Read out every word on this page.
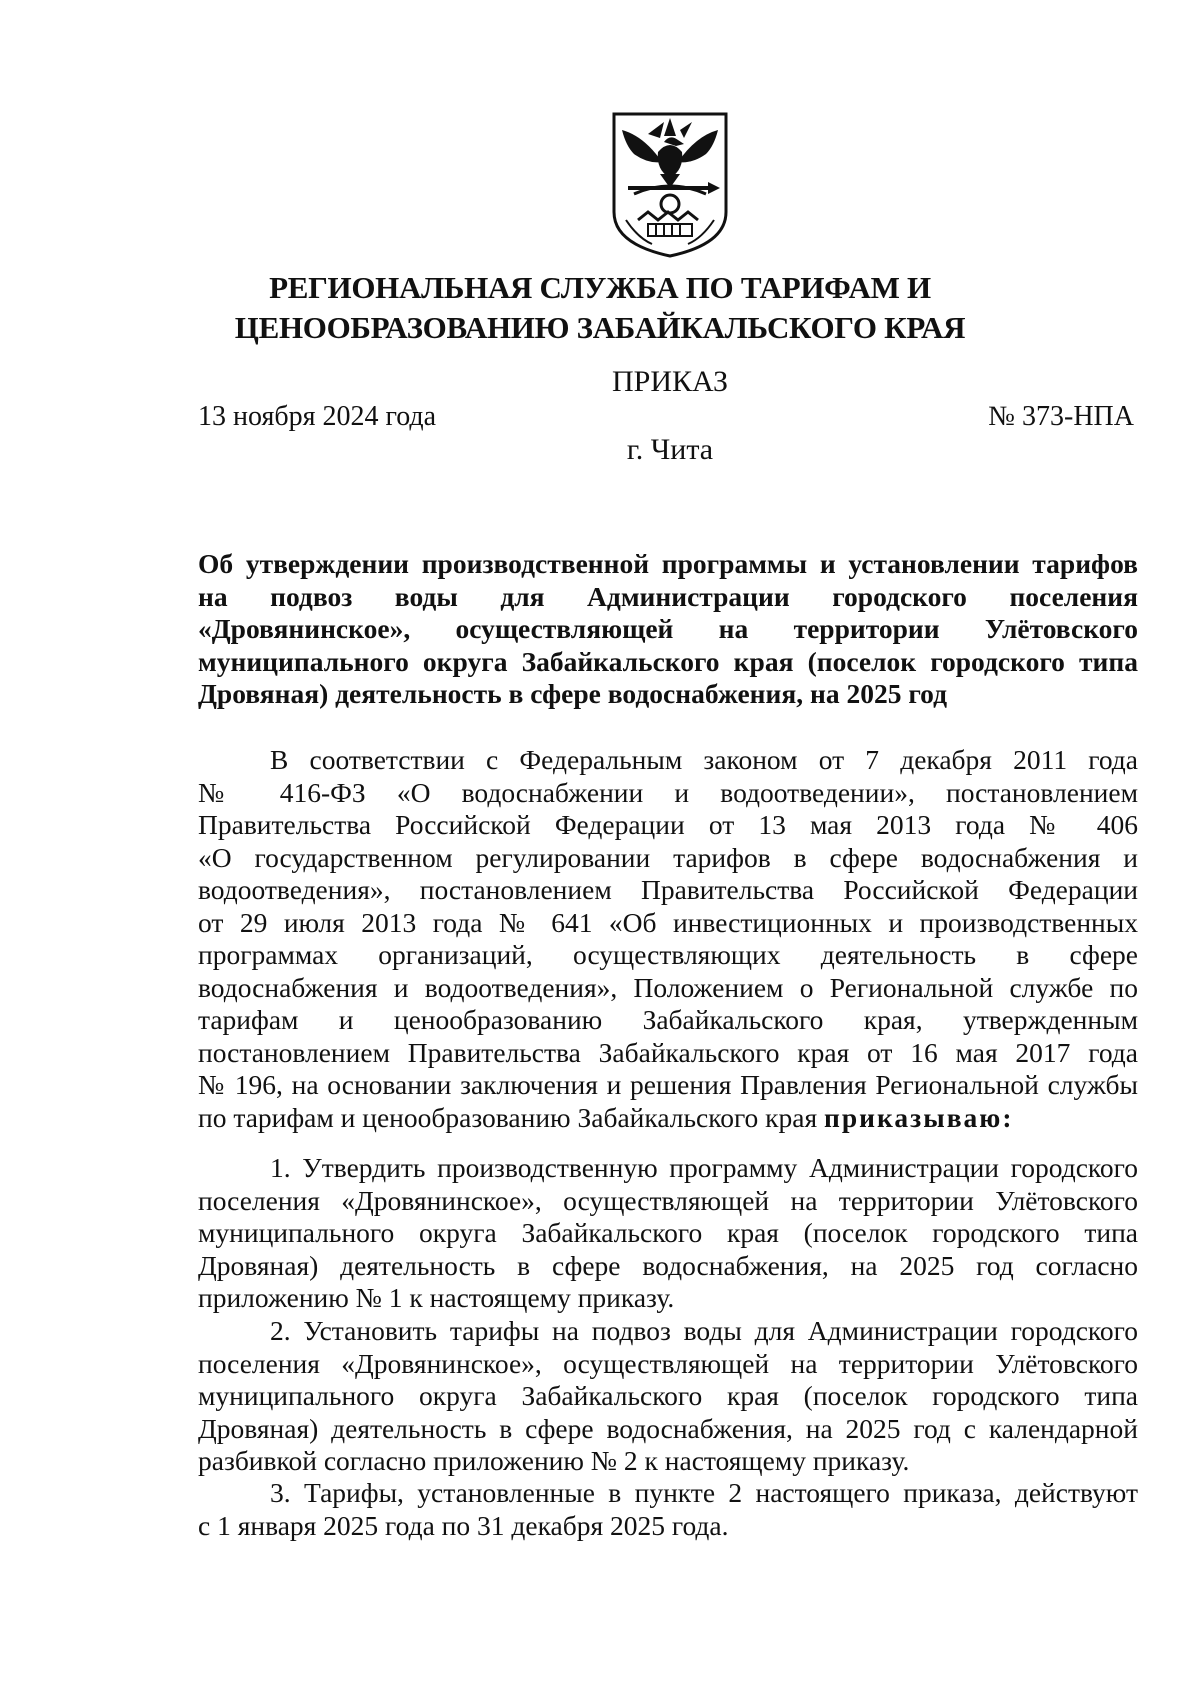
РЕГИОНАЛЬНАЯ СЛУЖБА ПО ТАРИФАМ И
ЦЕНООБРАЗОВАНИЮ ЗАБАЙКАЛЬСКОГО КРАЯ
ПРИКАЗ
13 ноября 2024 года	№ 373-НПА
г. Чита

Об утверждении производственной программы и установлении тарифов
на подвоз воды для Администрации городского поселения
«Дровянинское», осуществляющей на территории Улётовского
муниципального округа Забайкальского края (поселок городского типа
Дровяная) деятельность в сфере водоснабжения, на 2025 год

В соответствии с Федеральным законом от 7 декабря 2011 года
№ 416-ФЗ «О водоснабжении и водоотведении», постановлением
Правительства Российской Федерации от 13 мая 2013 года № 406
«О государственном регулировании тарифов в сфере водоснабжения и
водоотведения», постановлением Правительства Российской Федерации
от 29 июля 2013 года № 641 «Об инвестиционных и производственных
программах организаций, осуществляющих деятельность в сфере
водоснабжения и водоотведения», Положением о Региональной службе по
тарифам и ценообразованию Забайкальского края, утвержденным
постановлением Правительства Забайкальского края от 16 мая 2017 года
№ 196, на основании заключения и решения Правления Региональной службы
по тарифам и ценообразованию Забайкальского края приказываю:

1. Утвердить производственную программу Администрации городского
поселения «Дровянинское», осуществляющей на территории Улётовского
муниципального округа Забайкальского края (поселок городского типа
Дровяная) деятельность в сфере водоснабжения, на 2025 год согласно
приложению № 1 к настоящему приказу.

2. Установить тарифы на подвоз воды для Администрации городского
поселения «Дровянинское», осуществляющей на территории Улётовского
муниципального округа Забайкальского края (поселок городского типа
Дровяная) деятельность в сфере водоснабжения, на 2025 год с календарной
разбивкой согласно приложению № 2 к настоящему приказу.

3. Тарифы, установленные в пункте 2 настоящего приказа, действуют
с 1 января 2025 года по 31 декабря 2025 года.
